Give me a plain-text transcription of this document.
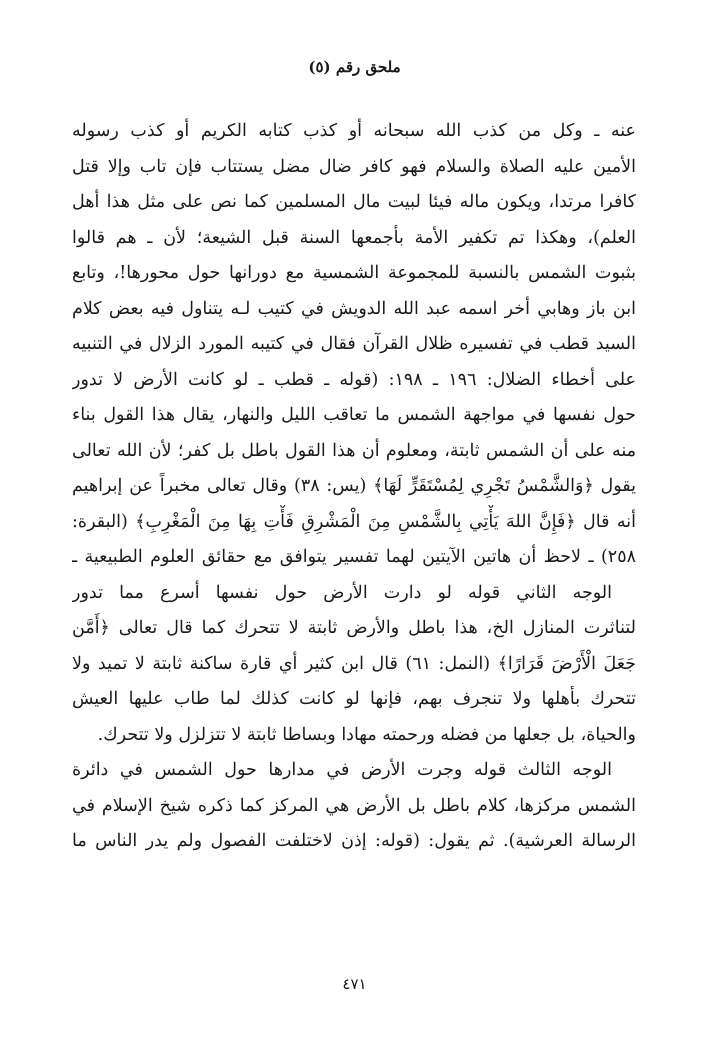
ملحق رقم (٥)
عنه ـ وكل من كذب الله سبحانه أو كذب كتابه الكريم أو كذب رسوله
الأمين عليه الصلاة والسلام فهو كافر ضال مضل يستتاب فإن تاب وإلا قتل
كافرا مرتدا، ويكون ماله فيئا لبيت مال المسلمين كما نص على مثل هذا أهل
العلم)، وهكذا تم تكفير الأمة بأجمعها السنة قبل الشيعة؛ لأن ـ هم قالوا
بثبوت الشمس بالنسبة للمجموعة الشمسية مع دورانها حول محورها!، وتابع
ابن باز وهابي أخر اسمه عبد الله الدويش في كتيب لـه يتناول فيه بعض كلام
السيد قطب في تفسيره ظلال القرآن فقال في كتيبه المورد الزلال في التنبيه
على أخطاء الضلال: ١٩٦ ـ ١٩٨: (قوله ـ قطب ـ لو كانت الأرض لا تدور
حول نفسها في مواجهة الشمس ما تعاقب الليل والنهار، يقال هذا القول بناء
منه على أن الشمس ثابتة، ومعلوم أن هذا القول باطل بل كفر؛ لأن الله تعالى
يقول ﴿وَالشَّمْسُ تَجْرِي لِمُسْتَقَرٍّ لَهَا﴾ (يس: ٣٨) وقال تعالى مخبراً عن إبراهيم
أنه قال ﴿فَإِنَّ اللهَ يَأْتِي بِالشَّمْسِ مِنَ الْمَشْرِقِ فَأْتِ بِهَا مِنَ الْمَغْرِبِ﴾ (البقرة:
٢٥٨) ـ لاحظ أن هاتين الآيتين لهما تفسير يتوافق مع حقائق العلوم الطبيعية ـ
الوجه الثاني قوله لو دارت الأرض حول نفسها أسرع مما تدور
لتناثرت المنازل الخ، هذا باطل والأرض ثابتة لا تتحرك كما قال تعالى ﴿أَمَّن
جَعَلَ الْأَرْضَ قَرَارًا﴾ (النمل: ٦١) قال ابن كثير أي قارة ساكنة ثابتة لا تميد ولا
تتحرك بأهلها ولا تنجرف بهم، فإنها لو كانت كذلك لما طاب عليها العيش
والحياة، بل جعلها من فضله ورحمته مهادا وبساطا ثابتة لا تتزلزل ولا تتحرك.
الوجه الثالث قوله وجرت الأرض في مدارها حول الشمس في دائرة
الشمس مركزها، كلام باطل بل الأرض هي المركز كما ذكره شيخ الإسلام في
الرسالة العرشية). ثم يقول: (قوله: إذن لاختلفت الفصول ولم يدر الناس ما
٤٧١
